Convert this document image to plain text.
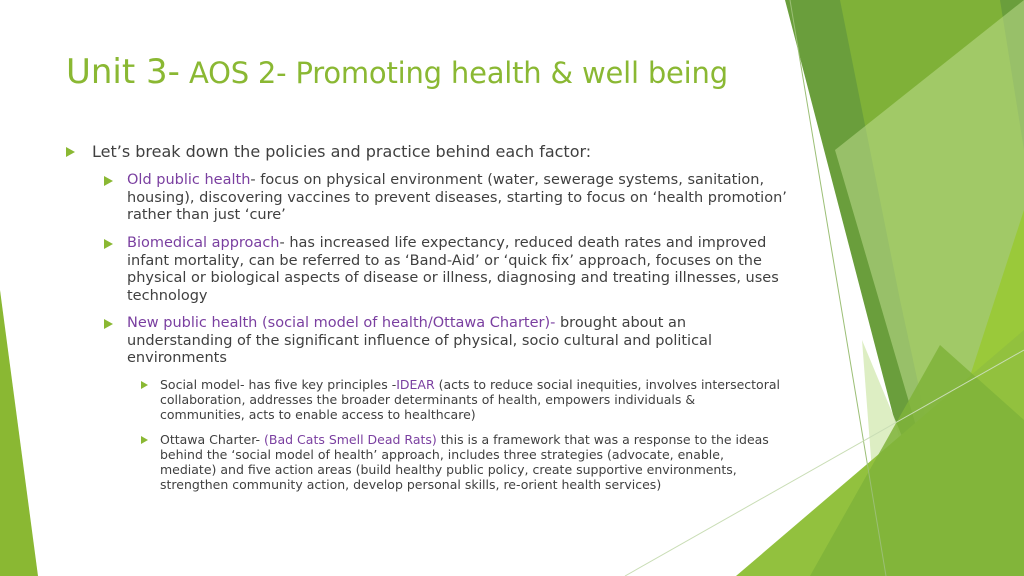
Unit 3- AOS 2- Promoting health & well being

Let’s break down the policies and practice behind each factor:

Old public health- focus on physical environment (water, sewerage systems, sanitation, housing), discovering vaccines to prevent diseases, starting to focus on ‘health promotion’ rather than just ‘cure’

Biomedical approach- has increased life expectancy, reduced death rates and improved infant mortality, can be referred to as ‘Band-Aid’ or ‘quick fix’ approach, focuses on the physical or biological aspects of disease or illness, diagnosing and treating illnesses, uses technology

New public health (social model of health/Ottawa Charter)- brought about an understanding of the significant influence of physical, socio cultural and political environments

Social model- has five key principles -IDEAR (acts to reduce social inequities, involves intersectoral collaboration, addresses the broader determinants of health, empowers individuals & communities, acts to enable access to healthcare)

Ottawa Charter- (Bad Cats Smell Dead Rats) this is a framework that was a response to the ideas behind the ‘social model of health’ approach, includes three strategies (advocate, enable, mediate) and five action areas (build healthy public policy, create supportive environments, strengthen community action, develop personal skills, re-orient health services)
